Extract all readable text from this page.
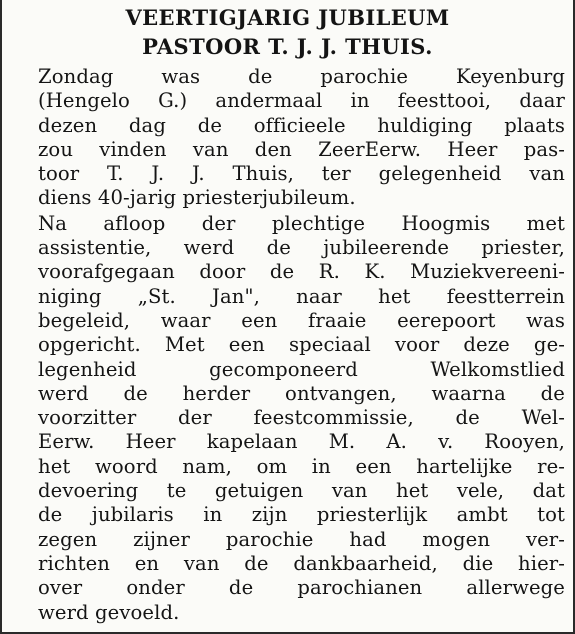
VEERTIGJARIG JUBILEUM
PASTOOR T. J. J. THUIS.

Zondag was de parochie Keyenburg
(Hengelo G.) andermaal in feesttooi, daar
dezen dag de officieele huldiging plaats
zou vinden van den ZeerEerw. Heer pas-
toor T. J. J. Thuis, ter gelegenheid van
diens 40-jarig priesterjubileum.

Na afloop der plechtige Hoogmis met
assistentie, werd de jubileerende priester,
voorafgegaan door de R. K. Muziekvereeni-
niging „St. Jan", naar het feestterrein
begeleid, waar een fraaie eerepoort was
opgericht. Met een speciaal voor deze ge-
legenheid gecomponeerd Welkomstlied
werd de herder ontvangen, waarna de
voorzitter der feestcommissie, de Wel-
Eerw. Heer kapelaan M. A. v. Rooyen,
het woord nam, om in een hartelijke re-
devoering te getuigen van het vele, dat
de jubilaris in zijn priesterlijk ambt tot
zegen zijner parochie had mogen ver-
richten en van de dankbaarheid, die hier-
over onder de parochianen allerwege
werd gevoeld.
